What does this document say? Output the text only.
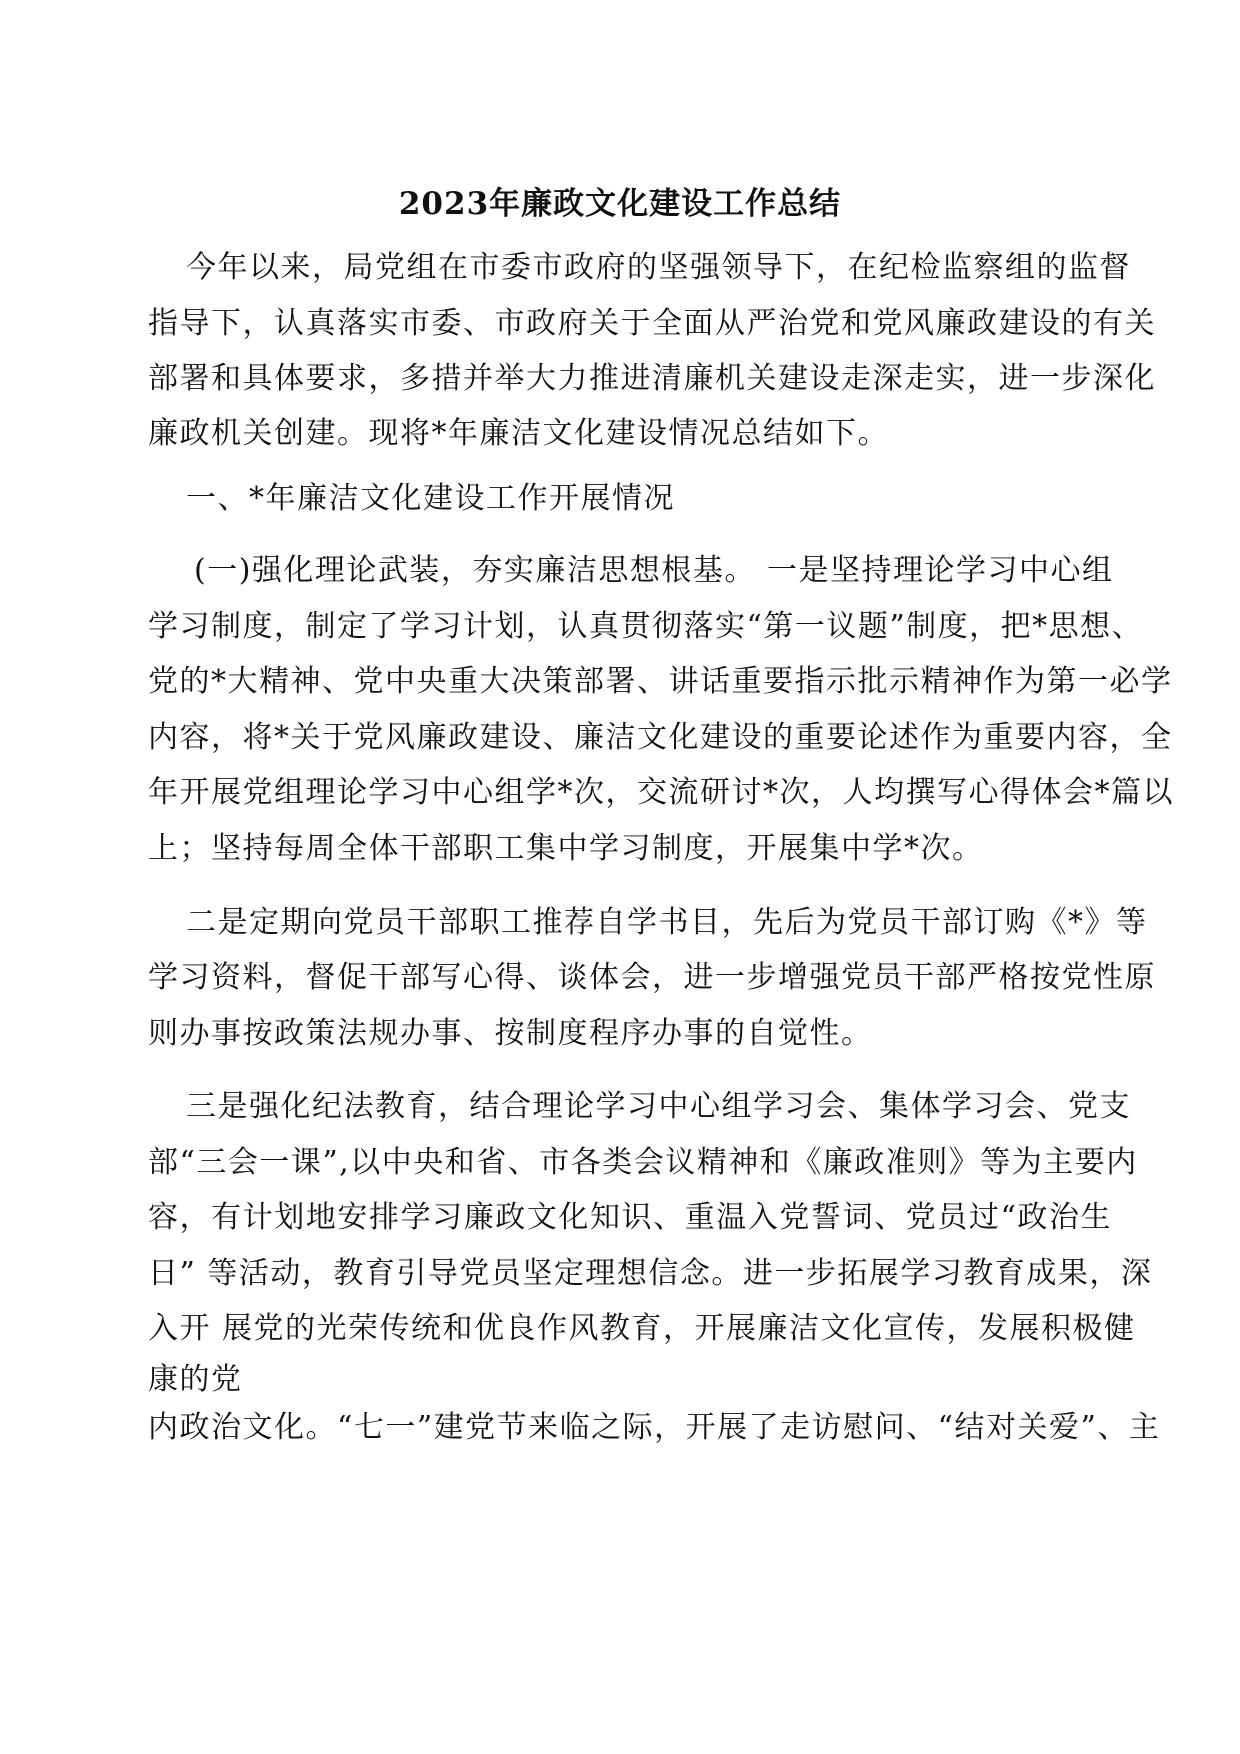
2023年廉政文化建设工作总结
今年以来，局党组在市委市政府的坚强领导下，在纪检监察组的监督
指导下，认真落实市委、市政府关于全面从严治党和党风廉政建设的有关
部署和具体要求，多措并举大力推进清廉机关建设走深走实，进一步深化
廉政机关创建。现将*年廉洁文化建设情况总结如下。
一、*年廉洁文化建设工作开展情况
(一)强化理论武装，夯实廉洁思想根基。 一是坚持理论学习中心组
学习制度，制定了学习计划，认真贯彻落实“第一议题”制度，把*思想、
党的*大精神、党中央重大决策部署、讲话重要指示批示精神作为第一必学
内容，将*关于党风廉政建设、廉洁文化建设的重要论述作为重要内容，全
年开展党组理论学习中心组学*次，交流研讨*次，人均撰写心得体会*篇以
上；坚持每周全体干部职工集中学习制度，开展集中学*次。
二是定期向党员干部职工推荐自学书目，先后为党员干部订购《*》等
学习资料，督促干部写心得、谈体会，进一步增强党员干部严格按党性原
则办事按政策法规办事、按制度程序办事的自觉性。
三是强化纪法教育，结合理论学习中心组学习会、集体学习会、党支
部“三会一课”,以中央和省、市各类会议精神和《廉政准则》等为主要内
容，有计划地安排学习廉政文化知识、重温入党誓词、党员过“政治生
日” 等活动，教育引导党员坚定理想信念。进一步拓展学习教育成果，深
入开 展党的光荣传统和优良作风教育，开展廉洁文化宣传，发展积极健
康的党
内政治文化。“七一”建党节来临之际，开展了走访慰问、“结对关爱”、主
